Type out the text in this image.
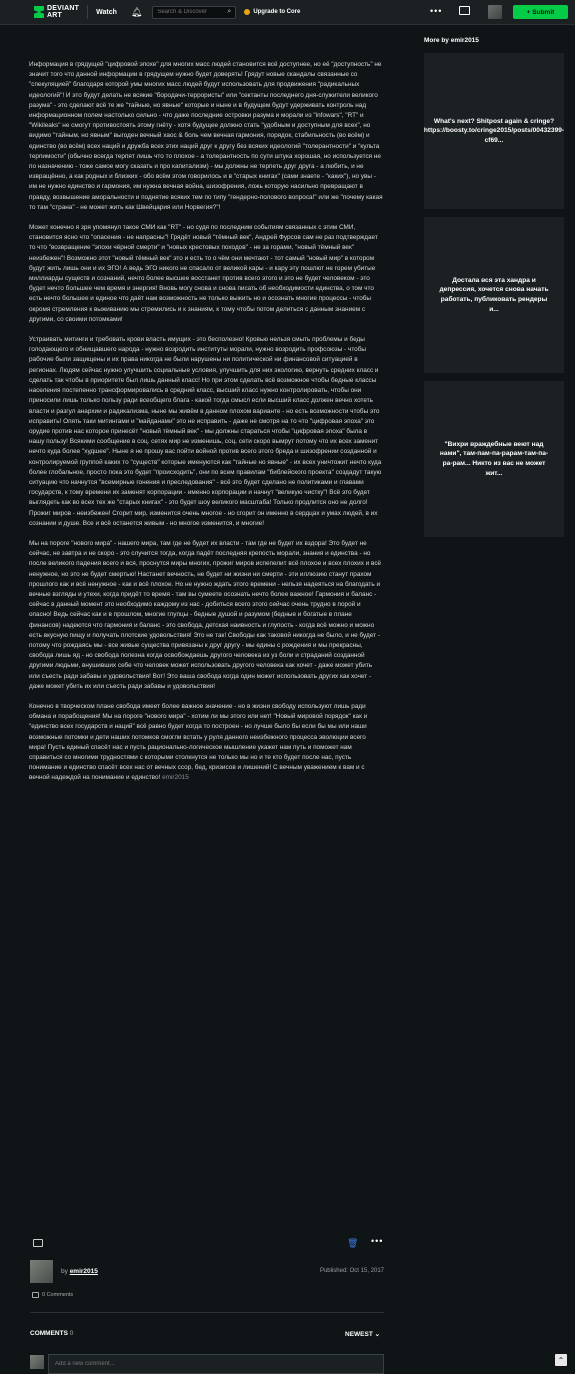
DEVIANT
ART	Watch 🔔︎
Search & Discover	⌕	Upgrade to Core	•••	+ Submit

Информация в грядущей "цифровой эпохе" для многих масс людей становится всё доступнее, но её "доступность" не значит того что данной информации в грядущем нужно будет доверять! Грядут новые скандалы связанные со "спекуляцией" благодаря которой умы многих масс людей будут использовать для продвижения "радикальных идеологий"! И это будут делать не всякие "бородачи-террористы" или "сектанты последнего дня-служители великого разума" - это сделают всё те же "тайные, но явные" которые и ныне и в будущем будут удерживать контроль над информационном полем настолько сильно - что даже последние островки разума и морали из "infowars", "RT" и "Wikileaks" не смогут противостоять этому гнёту - хотя будущее должно стать "удобным и доступным для всех", но видимо "тайным, но явным" выгоден вечный хаос & боль чем вечная гармония, порядок, стабильность (во всём) и единство (во всём) всех наций и дружба всех этих наций друг к другу без всяких идеологий "толерантности" и "культа терпимости" (обычно всегда терпят лишь что то плохое - а толерантность по сути штука хорошая, но используется не по назначению - тоже самое могу сказать и про капитализм) - мы должны не терпеть друг друга - а любить, и не извращённо, а как родных и близких - обо всём этом говорилось и в "старых книгах" (сами знаете - "каких"), но увы - им не нужно единство и гармония, им нужна вечная война, шизофрения, ложь которую насильно превращают в правду, возвышение аморальности и поднятие всяких тем по типу "гендерно-полового вопроса!" или же "почему какая то там "страна" - не может жить как Швейцария или Норвегия?"!

Может конечно я зря упомянул такое СМИ как "RT" - но судя по последним событиям связанных с этим СМИ, становится ясно что "опасения - не напрасны"! Грядёт новый "тёмный век", Андрей Фурсов сам не раз подтверждает то что "возвращение "эпохи чёрной смерти" и "новых крестовых походов" - не за горами, "новый тёмный век" неизбежен"! Возможно этот "новый тёмный век" это и есть то о чём они мечтают - тот самый "новый мир" в котором будут жить лишь они и их ЭГО! А ведь ЭГО никого не спасало от великой кары - и кару эту пошлют не горем убитые миллиарды существ и сознаний, нечто более высшее восстанет против всего этого и это не будет человеком - это будет нечто большее чем время и энергия! Вновь могу снова и снова писать об необходимости единства, о том что есть нечто большее и единое что даёт нам возможность не только выжить но и осознать многие процессы - чтобы окромя стремления к выживанию мы стремились и к знаниям, к тому чтобы потом делиться с данным знанием с другими, со своими потомками!

Устраивать митинги и требовать крови власть имущих - это бесполезно! Кровью нельзя смыть проблемы и беды голодающего и обнищавшего народа - нужно возродить институты морали, нужно возродить профсоюзы - чтобы рабочие были защищены и их права никогда не были нарушены ни политической ни финансовой ситуацией в регионах. Людям сейчас нужно улучшить социальные условия, улучшить для них экологию, вернуть средних класс и сделать так чтобы в приоритете был лишь данный класс! Но при этом сделать всё возможное чтобы бедные классы населения постепенно трансформировались в средний класс, высший класс нужно контролировать, чтобы они приносили лишь только пользу ради всеобщего блага - какой тогда смысл если высший класс должен вечно хотеть власти и разгул анархии и радикализма, ныне мы живём в данном плохом варианте - но есть возможности чтобы это исправить! Опять таки митингами и "майданами" это не исправить - даже не смотря на то что "цифровая эпоха" это орудие против нас которое принесёт "новый тёмный век" - мы должны стараться чтобы "цифровая эпоха" была в нашу пользу! Всякими сообщение в соц. сетях мир не изменишь, соц. сети скоро вымрут потому что их всех заменит нечто куда более "худшее". Ныне я не прошу вас пойти войной против всего этого бреда и шизофрении созданной и контролируемой группой каких то "существ" которые именуются как "тайные но явные" - их всех уничтожит нечто куда более глобальное, просто пока это будет "происходить", они по всем правилам "библейского проекта" создадут такую ситуацию что начнутся "всемирные гонения и преследования" - всё это будет сделано не политиками и главами государств, к тому времени их заменят корпорации - именно корпорации и начнут "великую чистку"! Всё это будет выглядеть как во всех тех же "старых книгах" - это будет шоу великого масштаба! Только продлится оно не долго! Прожиг миров - неизбежен! Сгорит мир, изменится очень многое - но сгорит он именно в сердцах и умах людей, в их сознании и душе. Все и всё останется живым - но многое изменится, и многие!

Мы на пороге "нового мира" - нашего мира, там где не будет их власти - там где не будет их вздора! Это будет не сейчас, не завтра и не скоро - это случится тогда, когда падёт последняя крепость морали, знания и единства - но после великого падения всего и вся, проснутся миры многих, прожиг миров испепелит всё плохое и всех плохих и всё ненужное, но это не будет смертью! Настанет вечность, не будет ни жизни ни смерти - эти иллюзию станут прахом прошлого как и всё ненужное - как и всё плохое. Но не нужно ждать этого времени - нельзя надеяться на благодать и вечные взгляды и утехи, когда придёт то время - там вы сумеете осознать нечто более важное! Гармония и баланс - сейчас в данный момент это необходимо каждому из нас - добиться всего этого сейчас очень трудно в порой и опасно! Ведь сейчас как и в прошлом, многие глупцы - бедные душой и разумом (бедные и богатые в плане финансов) надеются что гармония и баланс - это свобода, детская наивность и глупость - когда всё можно и можно есть вкусную пищу и получать плотские удовольствия! Это не так! Свободы как таковой никогда не было, и не будет - потому что рождаясь мы - все живые существа привязаны к друг другу - мы едины с рождения и мы прекрасны, свобода лишь яд - но свобода полезна когда освобождаешь другого человека из уз боли и страданий созданной другими людьми, внушивших себе что человек может использовать другого человека как хочет - даже может убить или съесть ради забавы и удовольствия! Вот! Это ваша свобода когда один может использовать других как хочет - даже может убить их или съесть ради забавы и удовольствия!

Конечно в творческом плане свобода имеет более важное значение - но в жизни свободу используют лишь ради обмана и порабощения! Мы на пороге "нового мира" - хотим ли мы этого или нет! "Новый мировой порядок" как и "единство всех государств и наций" всё равно будет когда то построен - но лучше было бы если бы мы или наши возможные потомки и дети наших потомков смогли встать у руля данного неизбежного процесса эволюции всего мира! Пусть единый спасёт нас и пусть рационально-логическое мышление укажет нам путь и поможет нам справиться со многими трудностями с которыми столкнутся не только мы но и те кто будет после нас, пусть понимание и единство спасёт всех нас от вечных ссор, бед, кризисов и лишений! С вечным уважением к вам и с вечной надеждой на понимание и единство! emir2015

More by emir2015
What's next? Shitpost again & cringe? https://boosty.to/cringe2015/posts/00432399-cf69...
Достала вся эта хандра и депрессия, хочется снова начать работать, публиковать рендеры и...
"Вихри враждебные веют над нами", там-пам-па-рарам-там-па-ра-рам... Никто из вас не может жит...
🗑︎ •••
by emir2015	Published: Oct 15, 2017
0 Comments
COMMENTS 0	NEWEST ⌄
Add a new comment...
⌃
